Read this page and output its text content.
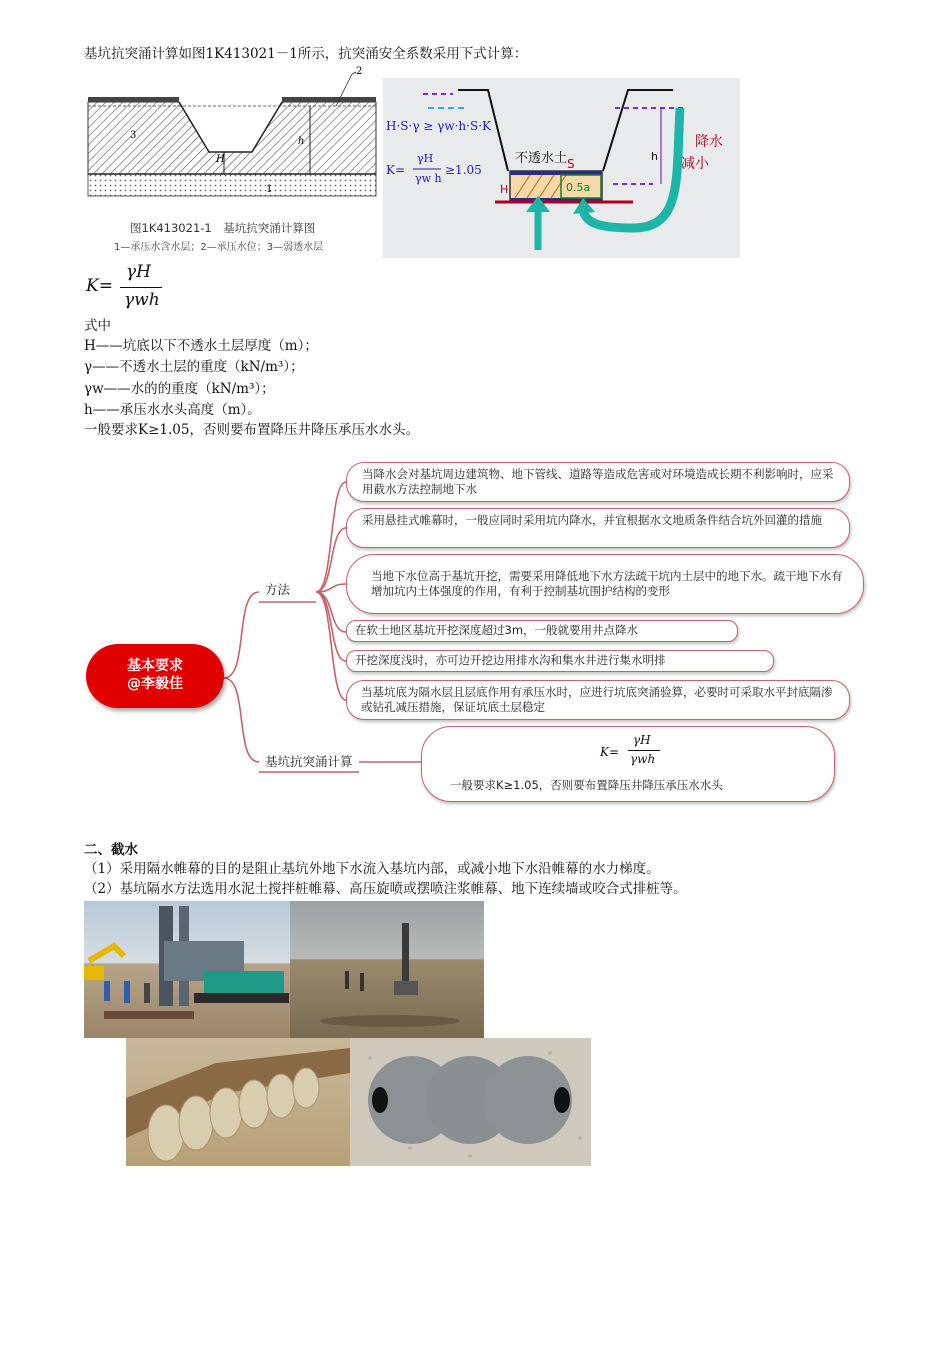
基坑抗突涌计算如图1K413021－1所示，抗突涌安全系数采用下式计算：
2
3
H
h
1
图1K413021-1　基坑抗突涌计算图
1—承压水含水层；2—承压水位；3—弱透水层
H·S·γ ≥ γw·h·S·K
K=
γH
γw h
≥1.05
不透水土 S
H
h
0.5a
降水
减小
K=
γH
γwh
式中
H——坑底以下不透水土层厚度（m）；
γ——不透水土层的重度（kN/m³）；
γw——水的的重度（kN/m³）；
h——承压水水头高度（m）。
一般要求K≥1.05，否则要布置降压井降压承压水水头。
基本要求
@李毅佳
方法
基坑抗突涌计算
当降水会对基坑周边建筑物、地下管线、道路等造成危害或对环境造成长期不利影响时，应采用截水方法控制地下水
采用悬挂式帷幕时，一般应同时采用坑内降水，并宜根据水文地质条件结合坑外回灌的措施
当地下水位高于基坑开挖，需要采用降低地下水方法疏干坑内土层中的地下水。疏干地下水有增加坑内土体强度的作用，有利于控制基坑围护结构的变形
在软土地区基坑开挖深度超过3m，一般就要用井点降水
开挖深度浅时，亦可边开挖边用排水沟和集水井进行集水明排
当基坑底为隔水层且层底作用有承压水时，应进行坑底突涌验算，必要时可采取水平封底隔渗或钻孔减压措施，保证坑底土层稳定
K=
γH
γwh
一般要求K≥1.05，否则要布置降压井降压承压水水头
二、截水
（1）采用隔水帷幕的目的是阻止基坑外地下水流入基坑内部，或减小地下水沿帷幕的水力梯度。
（2）基坑隔水方法选用水泥土搅拌桩帷幕、高压旋喷或摆喷注浆帷幕、地下连续墙或咬合式排桩等。
